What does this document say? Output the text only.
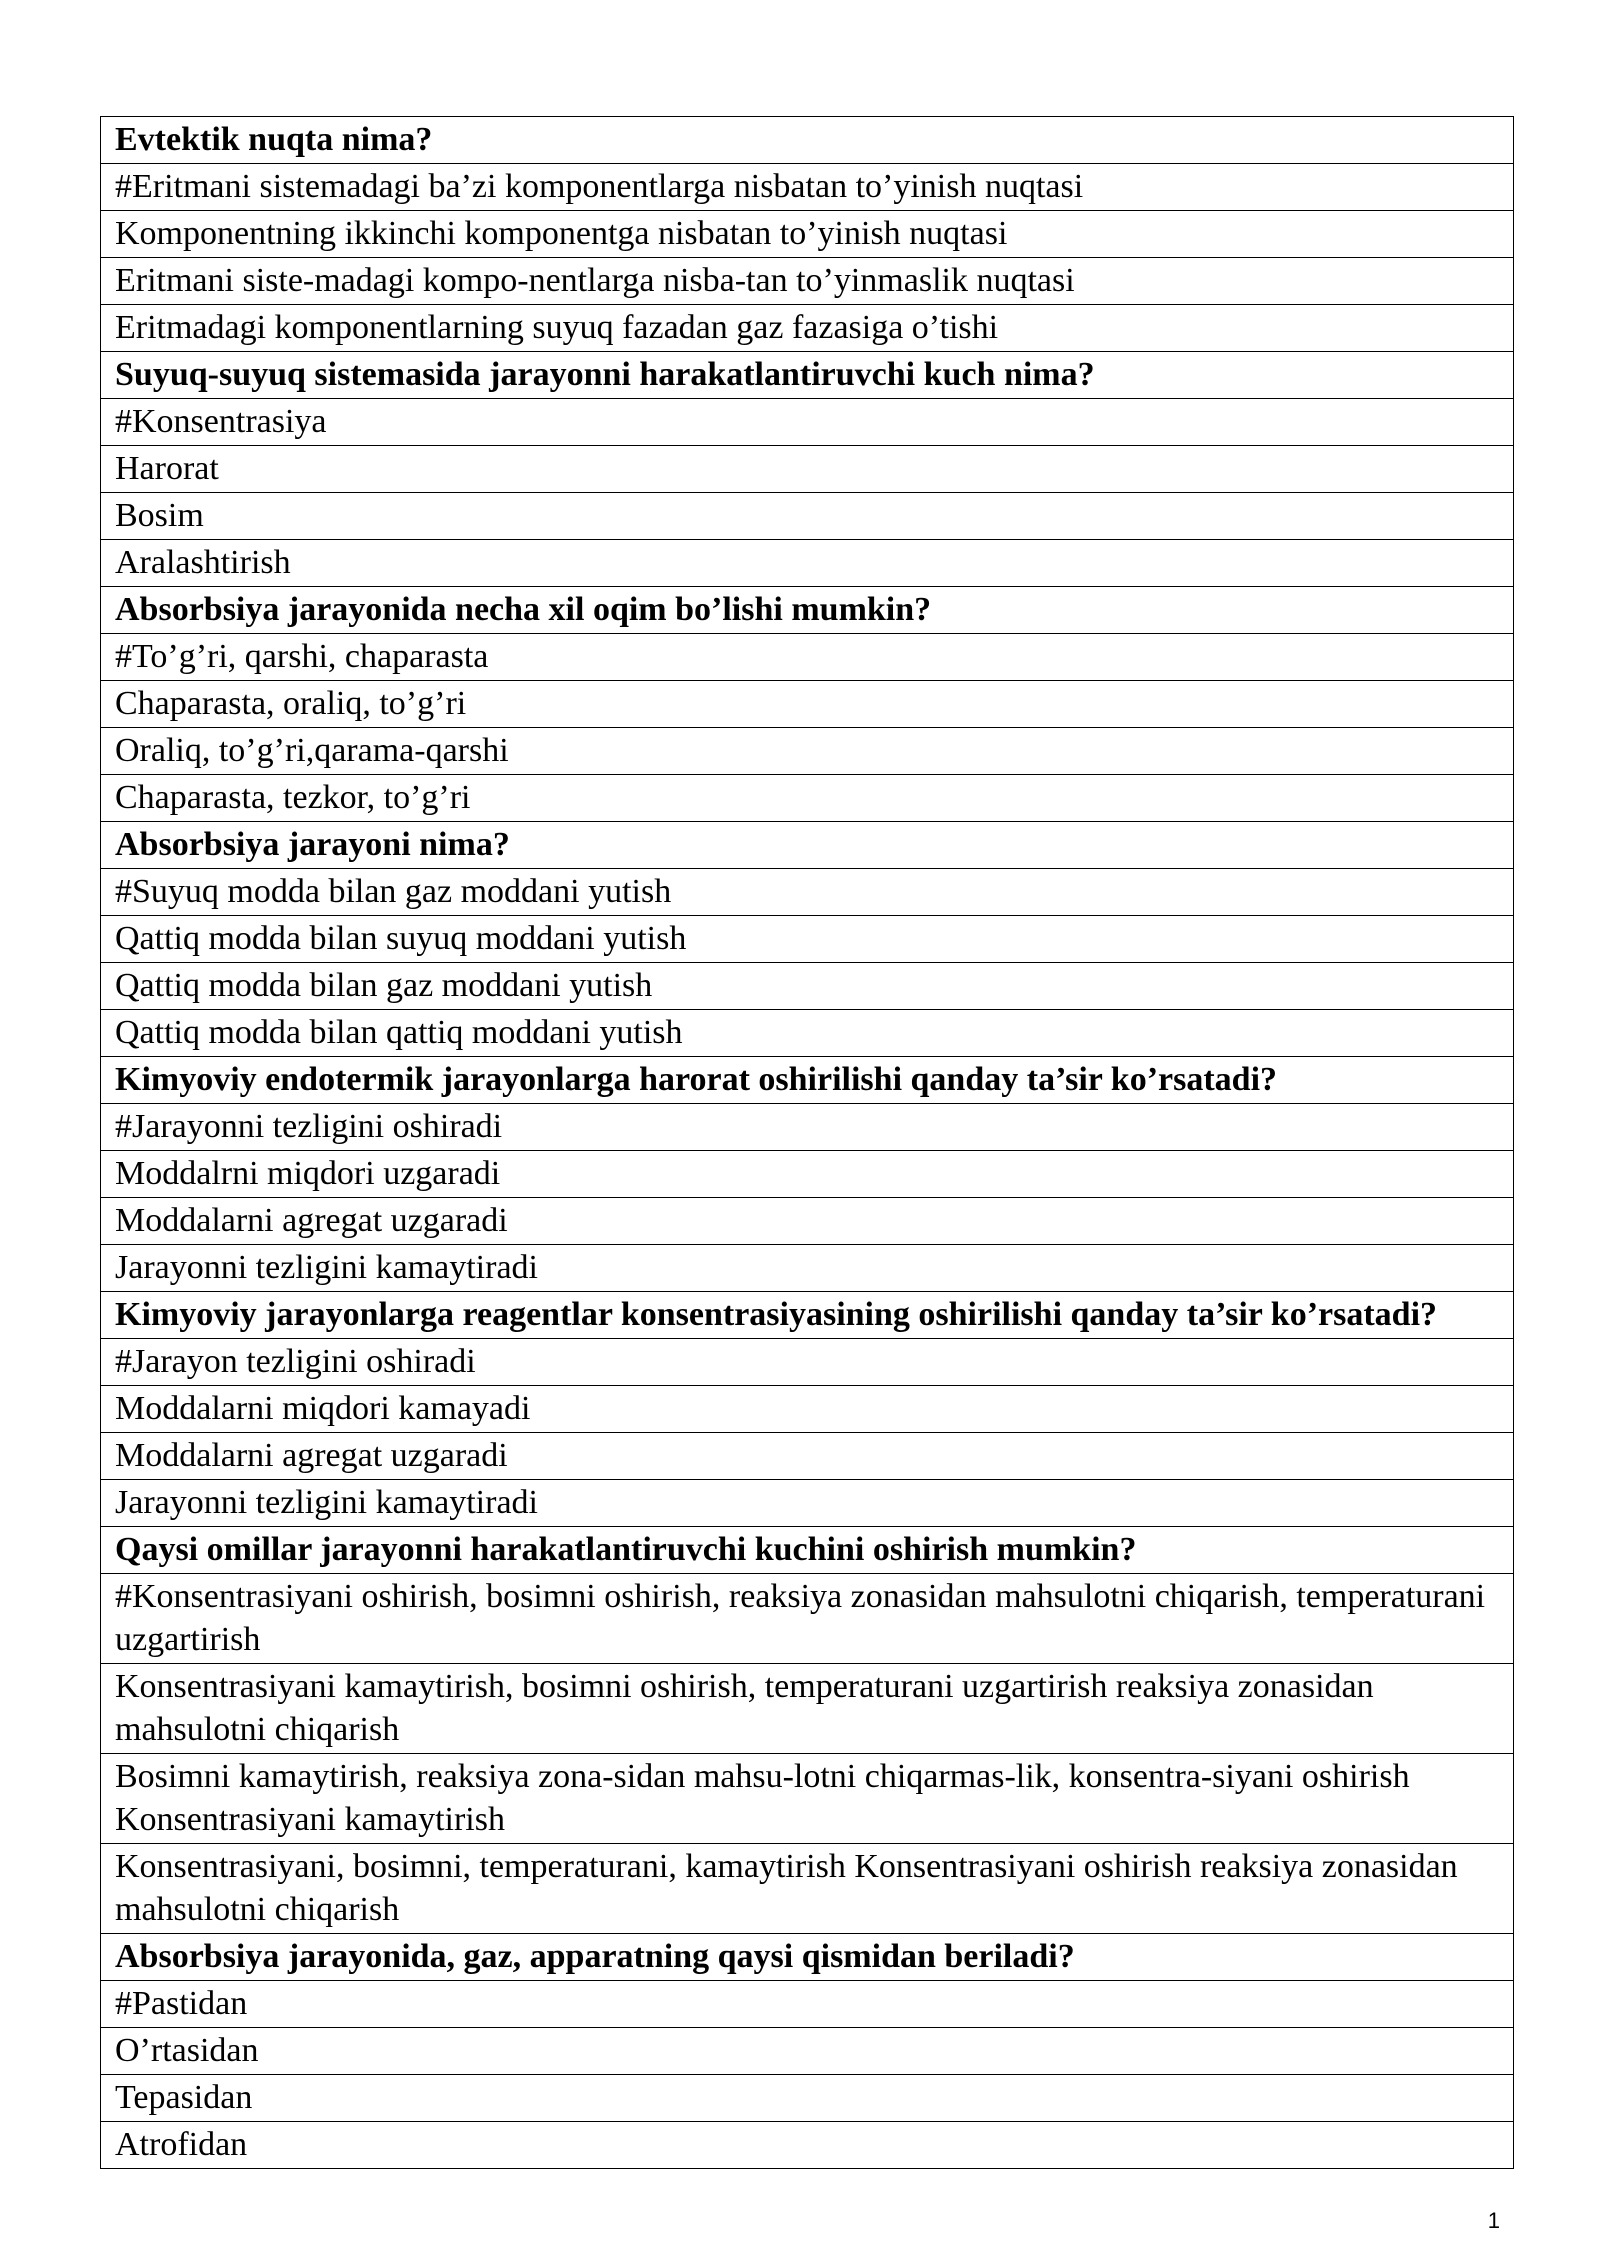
Evtektik nuqta nima?
#Eritmani sistemadagi ba’zi komponentlarga nisbatan to’yinish nuqtasi
Komponentning ikkinchi komponentga nisbatan to’yinish nuqtasi
Eritmani siste-madagi kompo-nentlarga nisba-tan to’yinmaslik nuqtasi
Eritmadagi komponentlarning suyuq fazadan gaz fazasiga o’tishi
Suyuq-suyuq sistemasida jarayonni harakatlantiruvchi kuch nima?
#Konsentrasiya
Harorat
Bosim
Aralashtirish
Absorbsiya jarayonida necha xil oqim bo’lishi mumkin?
#To’g’ri, qarshi, chaparasta
Chaparasta, oraliq, to’g’ri
Oraliq, to’g’ri,qarama-qarshi
Chaparasta, tezkor, to’g’ri
Absorbsiya jarayoni nima?
#Suyuq modda bilan gaz moddani yutish
Qattiq modda bilan suyuq moddani yutish
Qattiq modda bilan gaz moddani yutish
Qattiq modda bilan qattiq moddani yutish
Kimyoviy endotermik jarayonlarga harorat oshirilishi qanday ta’sir ko’rsatadi?
#Jarayonni tezligini oshiradi
Moddalrni miqdori uzgaradi
Moddalarni agregat uzgaradi
Jarayonni tezligini kamaytiradi
Kimyoviy jarayonlarga reagentlar konsentrasiyasining oshirilishi qanday ta’sir ko’rsatadi?
#Jarayon tezligini oshiradi
Moddalarni miqdori kamayadi
Moddalarni agregat uzgaradi
Jarayonni tezligini kamaytiradi
Qaysi omillar jarayonni harakatlantiruvchi kuchini oshirish mumkin?
#Konsentrasiyani oshirish, bosimni oshirish, reaksiya zonasidan mahsulotni chiqarish, temperaturani uzgartirish
Konsentrasiyani kamaytirish, bosimni oshirish, temperaturani uzgartirish reaksiya zonasidan mahsulotni chiqarish
Bosimni kamaytirish, reaksiya zona-sidan mahsu-lotni chiqarmas-lik, konsentra-siyani oshirish Konsentrasiyani kamaytirish
Konsentrasiyani, bosimni, temperaturani, kamaytirish Konsentrasiyani oshirish reaksiya zonasidan mahsulotni chiqarish
Absorbsiya jarayonida, gaz, apparatning qaysi qismidan beriladi?
#Pastidan
O’rtasidan
Tepasidan
Atrofidan
1
